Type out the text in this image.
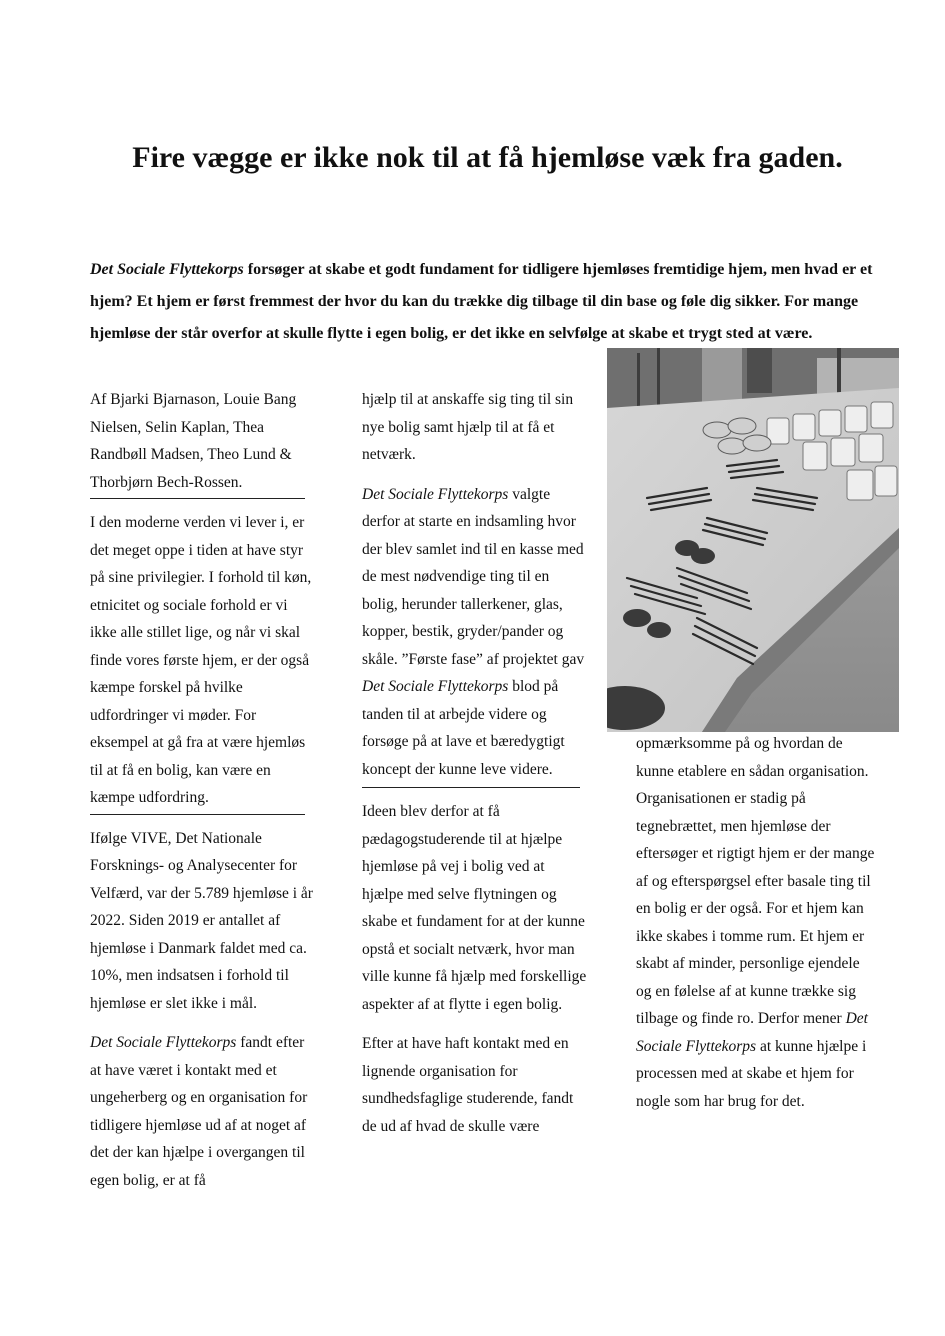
Fire vægge er ikke nok til at få hjemløse væk fra gaden.

Det Sociale Flyttekorps forsøger at skabe et godt fundament for tidligere hjemløses fremtidige hjem, men hvad er et hjem? Et hjem er først fremmest der hvor du kan du trække dig tilbage til din base og føle dig sikker. For mange hjemløse der står overfor at skulle flytte i egen bolig, er det ikke en selvfølge at skabe et trygt sted at være.

Af Bjarki Bjarnason, Louie Bang Nielsen, Selin Kaplan, Thea Randbøll Madsen, Theo Lund & Thorbjørn Bech-Rossen.

I den moderne verden vi lever i, er det meget oppe i tiden at have styr på sine privilegier. I forhold til køn, etnicitet og sociale forhold er vi ikke alle stillet lige, og når vi skal finde vores første hjem, er der også kæmpe forskel på hvilke udfordringer vi møder. For eksempel at gå fra at være hjemløs til at få en bolig, kan være en kæmpe udfordring.

Ifølge VIVE, Det Nationale Forsknings- og Analysecenter for Velfærd, var der 5.789 hjemløse i år 2022. Siden 2019 er antallet af hjemløse i Danmark faldet med ca. 10%, men indsatsen i forhold til hjemløse er slet ikke i mål.

Det Sociale Flyttekorps fandt efter at have været i kontakt med et ungeherberg og en organisation for tidligere hjemløse ud af at noget af det der kan hjælpe i overgangen til egen bolig, er at få

hjælp til at anskaffe sig ting til sin nye bolig samt hjælp til at få et netværk.

Det Sociale Flyttekorps valgte derfor at starte en indsamling hvor der blev samlet ind til en kasse med de mest nødvendige ting til en bolig, herunder tallerkener, glas, kopper, bestik, gryder/pander og skåle. ”Første fase” af projektet gav Det Sociale Flyttekorps blod på tanden til at arbejde videre og forsøge på at lave et bæredygtigt koncept der kunne leve videre.

Ideen blev derfor at få pædagogstuderende til at hjælpe hjemløse på vej i bolig ved at hjælpe med selve flytningen og skabe et fundament for at der kunne opstå et socialt netværk, hvor man ville kunne få hjælp med forskellige aspekter af at flytte i egen bolig.

Efter at have haft kontakt med en lignende organisation for sundhedsfaglige studerende, fandt de ud af hvad de skulle være

opmærksomme på og hvordan de kunne etablere en sådan organisation. Organisationen er stadig på tegnebrættet, men hjemløse der eftersøger et rigtigt hjem er der mange af og efterspørgsel efter basale ting til en bolig er der også. For et hjem kan ikke skabes i tomme rum. Et hjem er skabt af minder, personlige ejendele og en følelse af at kunne trække sig tilbage og finde ro. Derfor mener Det Sociale Flyttekorps at kunne hjælpe i processen med at skabe et hjem for nogle som har brug for det.
